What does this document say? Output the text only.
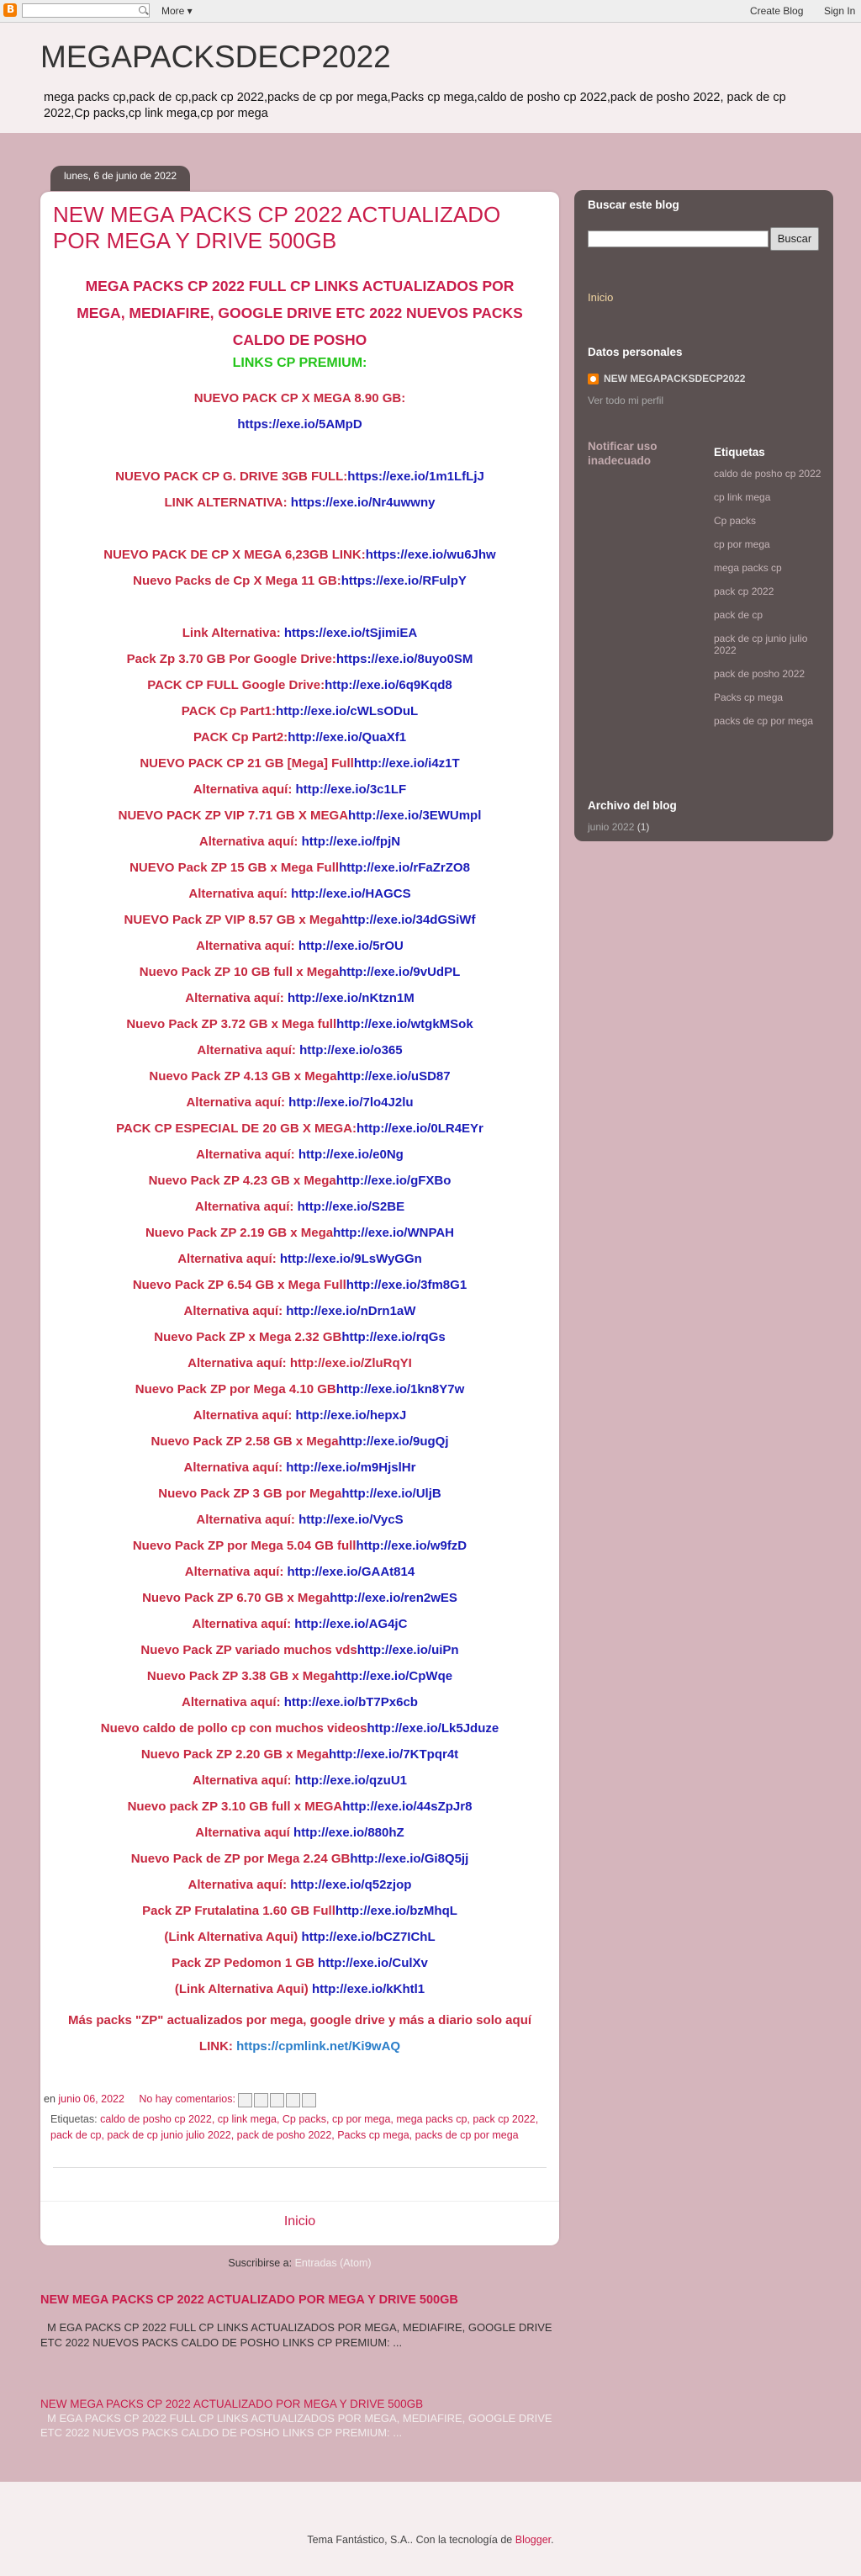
B
More ▾	Create Blog Sign In
MEGAPACKSDECP2022
mega packs cp,pack de cp,pack cp 2022,packs de cp por mega,Packs cp mega,caldo de posho cp 2022,pack de posho 2022, pack de cp 2022,Cp packs,cp link mega,cp por mega
lunes, 6 de junio de 2022
NEW MEGA PACKS CP 2022 ACTUALIZADO POR MEGA Y DRIVE 500GB
MEGA PACKS CP 2022 FULL CP LINKS ACTUALIZADOS POR MEGA, MEDIAFIRE, GOOGLE DRIVE ETC 2022 NUEVOS PACKS CALDO DE POSHO
LINKS CP PREMIUM:
NUEVO PACK CP X MEGA 8.90 GB:
https://exe.io/5AMpD
NUEVO PACK CP G. DRIVE 3GB FULL:https://exe.io/1m1LfLjJ
LINK ALTERNATIVA: https://exe.io/Nr4uwwny
NUEVO PACK DE CP X MEGA 6,23GB LINK:https://exe.io/wu6Jhw
Nuevo Packs de Cp X Mega 11 GB:https://exe.io/RFulpY
Link Alternativa: https://exe.io/tSjimiEA
Pack Zp 3.70 GB Por Google Drive:https://exe.io/8uyo0SM
PACK CP FULL Google Drive:http://exe.io/6q9Kqd8
PACK Cp Part1:http://exe.io/cWLsODuL
PACK Cp Part2:http://exe.io/QuaXf1
NUEVO PACK CP 21 GB [Mega] Fullhttp://exe.io/i4z1T
Alternativa aquí: http://exe.io/3c1LF
NUEVO PACK ZP VIP 7.71 GB X MEGAhttp://exe.io/3EWUmpl
Alternativa aquí: http://exe.io/fpjN
NUEVO Pack ZP 15 GB x Mega Fullhttp://exe.io/rFaZrZO8
Alternativa aquí: http://exe.io/HAGCS
NUEVO Pack ZP VIP 8.57 GB x Megahttp://exe.io/34dGSiWf
Alternativa aquí: http://exe.io/5rOU
Nuevo Pack ZP 10 GB full x Megahttp://exe.io/9vUdPL
Alternativa aquí: http://exe.io/nKtzn1M
Nuevo Pack ZP 3.72 GB x Mega fullhttp://exe.io/wtgkMSok
Alternativa aquí: http://exe.io/o365
Nuevo Pack ZP 4.13 GB x Megahttp://exe.io/uSD87
Alternativa aquí: http://exe.io/7lo4J2lu
PACK CP ESPECIAL DE 20 GB X MEGA:http://exe.io/0LR4EYr
Alternativa aquí: http://exe.io/e0Ng
Nuevo Pack ZP 4.23 GB x Megahttp://exe.io/gFXBo
Alternativa aquí: http://exe.io/S2BE
Nuevo Pack ZP 2.19 GB x Megahttp://exe.io/WNPAH
Alternativa aquí: http://exe.io/9LsWyGGn
Nuevo Pack ZP 6.54 GB x Mega Fullhttp://exe.io/3fm8G1
Alternativa aquí: http://exe.io/nDrn1aW
Nuevo Pack ZP x Mega 2.32 GBhttp://exe.io/rqGs
Alternativa aquí: http://exe.io/ZluRqYI
Nuevo Pack ZP por Mega 4.10 GBhttp://exe.io/1kn8Y7w
Alternativa aquí: http://exe.io/hepxJ
Nuevo Pack ZP 2.58 GB x Megahttp://exe.io/9ugQj
Alternativa aquí: http://exe.io/m9HjslHr
Nuevo Pack ZP 3 GB por Megahttp://exe.io/UljB
Alternativa aquí: http://exe.io/VycS
Nuevo Pack ZP por Mega 5.04 GB fullhttp://exe.io/w9fzD
Alternativa aquí: http://exe.io/GAAt814
Nuevo Pack ZP 6.70 GB x Megahttp://exe.io/ren2wES
Alternativa aquí: http://exe.io/AG4jC
Nuevo Pack ZP variado muchos vdshttp://exe.io/uiPn
Nuevo Pack ZP 3.38 GB x Megahttp://exe.io/CpWqe
Alternativa aquí: http://exe.io/bT7Px6cb
Nuevo caldo de pollo cp con muchos videoshttp://exe.io/Lk5Jduze
Nuevo Pack ZP 2.20 GB x Megahttp://exe.io/7KTpqr4t
Alternativa aquí: http://exe.io/qzuU1
Nuevo pack ZP 3.10 GB full x MEGAhttp://exe.io/44sZpJr8
Alternativa aquí http://exe.io/880hZ
Nuevo Pack de ZP por Mega 2.24 GBhttp://exe.io/Gi8Q5jj
Alternativa aquí: http://exe.io/q52zjop
Pack ZP Frutalatina 1.60 GB Fullhttp://exe.io/bzMhqL
(Link Alternativa Aqui) http://exe.io/bCZ7IChL
Pack ZP Pedomon 1 GB http://exe.io/CulXv
(Link Alternativa Aqui) http://exe.io/kKhtl1
Más packs "ZP" actualizados por mega, google drive y más a diario solo aquí
LINK: https://cpmlink.net/Ki9wAQ
en junio 06, 2022 No hay comentarios:
Etiquetas: caldo de posho cp 2022, cp link mega, Cp packs, cp por mega, mega packs cp, pack cp 2022, pack de cp, pack de cp junio julio 2022, pack de posho 2022, Packs cp mega, packs de cp por mega
Inicio
Suscribirse a: Entradas (Atom)
NEW MEGA PACKS CP 2022 ACTUALIZADO POR MEGA Y DRIVE 500GB
M EGA PACKS CP 2022 FULL CP LINKS ACTUALIZADOS POR MEGA, MEDIAFIRE, GOOGLE DRIVE ETC 2022 NUEVOS PACKS CALDO DE POSHO LINKS CP PREMIUM: ...
NEW MEGA PACKS CP 2022 ACTUALIZADO POR MEGA Y DRIVE 500GB
M EGA PACKS CP 2022 FULL CP LINKS ACTUALIZADOS POR MEGA, MEDIAFIRE, GOOGLE DRIVE ETC 2022 NUEVOS PACKS CALDO DE POSHO LINKS CP PREMIUM: ...
Buscar este blog
Buscar
Inicio
Datos personales
NEW MEGAPACKSDECP2022
Ver todo mi perfil
Notificar uso inadecuado
Etiquetas
caldo de posho cp 2022
cp link mega
Cp packs
cp por mega
mega packs cp
pack cp 2022
pack de cp
pack de cp junio julio 2022
pack de posho 2022
Packs cp mega
packs de cp por mega
Archivo del blog
junio 2022 (1)
Tema Fantástico, S.A.. Con la tecnología de Blogger.
